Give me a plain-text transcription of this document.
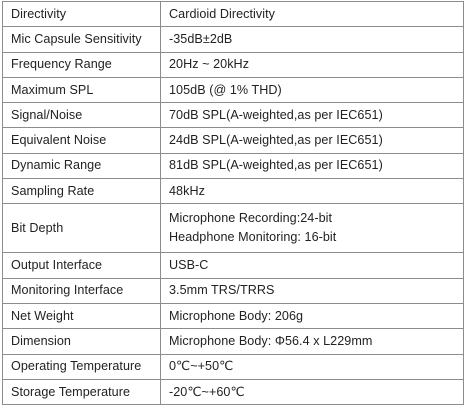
Directivity	Cardioid Directivity
Mic Capsule Sensitivity	-35dB±2dB
Frequency Range	20Hz ~ 20kHz
Maximum SPL	105dB (@ 1% THD)
Signal/Noise	70dB SPL(A-weighted,as per IEC651)
Equivalent Noise	24dB SPL(A-weighted,as per IEC651)
Dynamic Range	81dB SPL(A-weighted,as per IEC651)
Sampling Rate	48kHz
Bit Depth	Microphone Recording:24-bit
Headphone Monitoring: 16-bit

Output Interface	USB-C
Monitoring Interface	3.5mm TRS/TRRS
Net Weight	Microphone Body: 206g
Dimension	Microphone Body: Φ56.4 x L229mm
Operating Temperature	0℃~+50℃
Storage Temperature	-20℃~+60℃
